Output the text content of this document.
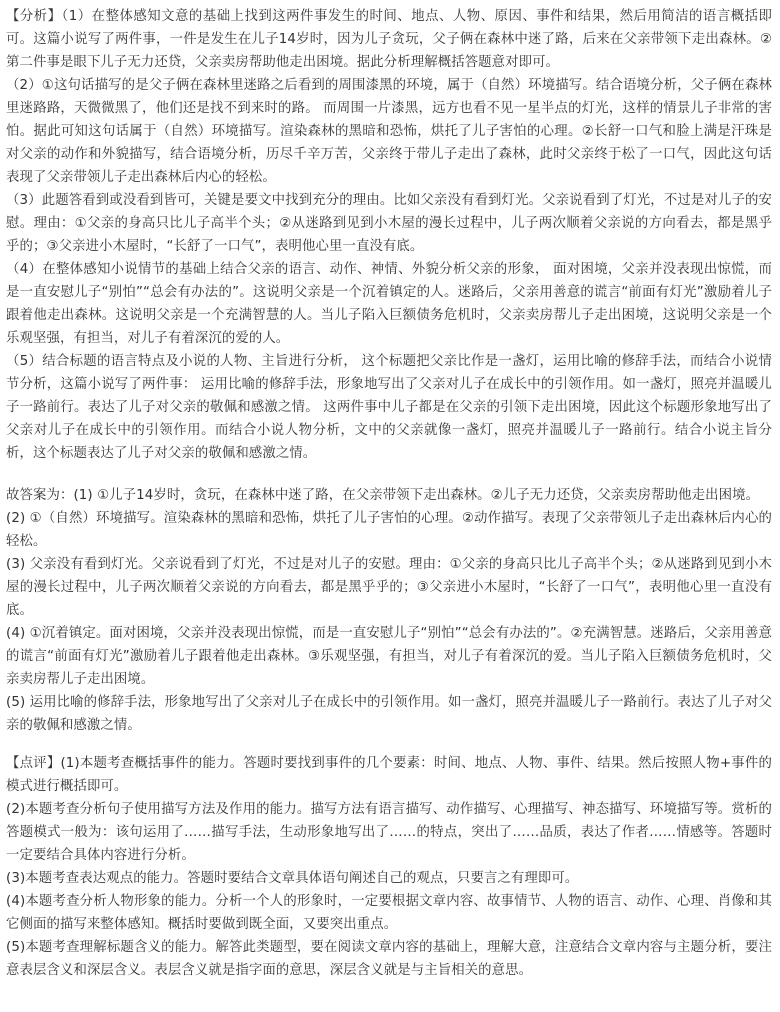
【分析】（1）在整体感知文意的基础上找到这两件事发生的时间、地点、人物、原因、事件和结果，然后用简洁的语言概括即可。这篇小说写了两件事，一件是发生在儿子14岁时，因为儿子贪玩，父子俩在森林中迷了路，后来在父亲带领下走出森林。②第二件事是眼下儿子无力还贷，父亲卖房帮助他走出困境。据此分析理解概括答题意对即可。

（2）①这句话描写的是父子俩在森林里迷路之后看到的周围漆黑的环境，属于（自然）环境描写。结合语境分析，父子俩在森林里迷路路，天微微黑了，他们还是找不到来时的路。 而周围一片漆黑，远方也看不见一星半点的灯光，这样的情景儿子非常的害怕。据此可知这句话属于（自然）环境描写。渲染森林的黑暗和恐怖，烘托了儿子害怕的心理。②长舒一口气和脸上满是汗珠是对父亲的动作和外貌描写，结合语境分析，历尽千辛万苦，父亲终于带儿子走出了森林，此时父亲终于松了一口气，因此这句话表现了父亲带领儿子走出森林后内心的轻松。

（3）此题答看到或没看到皆可，关键是要文中找到充分的理由。比如父亲没有看到灯光。父亲说看到了灯光，不过是对儿子的安慰。理由：①父亲的身高只比儿子高半个头；②从迷路到见到小木屋的漫长过程中，儿子两次顺着父亲说的方向看去，都是黑乎乎的；③父亲进小木屋时，“长舒了一口气”，表明他心里一直没有底。

（4）在整体感知小说情节的基础上结合父亲的语言、动作、神情、外貌分析父亲的形象， 面对困境，父亲并没表现出惊慌，而是一直安慰儿子“别怕”“总会有办法的”。这说明父亲是一个沉着镇定的人。迷路后，父亲用善意的谎言“前面有灯光”激励着儿子跟着他走出森林。这说明父亲是一个充满智慧的人。当儿子陷入巨额债务危机时，父亲卖房帮儿子走出困境，这说明父亲是一个乐观坚强，有担当，对儿子有着深沉的爱的人。

（5）结合标题的语言特点及小说的人物、主旨进行分析， 这个标题把父亲比作是一盏灯，运用比喻的修辞手法，而结合小说情节分析，这篇小说写了两件事： 运用比喻的修辞手法，形象地写出了父亲对儿子在成长中的引领作用。如一盏灯，照亮并温暖儿子一路前行。表达了儿子对父亲的敬佩和感激之情。 这两件事中儿子都是在父亲的引领下走出困境，因此这个标题形象地写出了父亲对儿子在成长中的引领作用。而结合小说人物分析，文中的父亲就像一盏灯，照亮并温暖儿子一路前行。结合小说主旨分析，这个标题表达了儿子对父亲的敬佩和感激之情。

故答案为：(1) ①儿子14岁时，贪玩，在森林中迷了路，在父亲带领下走出森林。②儿子无力还贷，父亲卖房帮助他走出困境。

(2) ①（自然）环境描写。渲染森林的黑暗和恐怖，烘托了儿子害怕的心理。②动作描写。表现了父亲带领儿子走出森林后内心的轻松。

(3) 父亲没有看到灯光。父亲说看到了灯光，不过是对儿子的安慰。理由：①父亲的身高只比儿子高半个头；②从迷路到见到小木屋的漫长过程中，儿子两次顺着父亲说的方向看去，都是黑乎乎的；③父亲进小木屋时，“长舒了一口气”，表明他心里一直没有底。

(4) ①沉着镇定。面对困境，父亲并没表现出惊慌，而是一直安慰儿子“别怕”“总会有办法的”。②充满智慧。迷路后，父亲用善意的谎言“前面有灯光”激励着儿子跟着他走出森林。③乐观坚强，有担当，对儿子有着深沉的爱。当儿子陷入巨额债务危机时，父亲卖房帮儿子走出困境。

(5) 运用比喻的修辞手法，形象地写出了父亲对儿子在成长中的引领作用。如一盏灯，照亮并温暖儿子一路前行。表达了儿子对父亲的敬佩和感激之情。

【点评】(1)本题考查概括事件的能力。答题时要找到事件的几个要素：时间、地点、人物、事件、结果。然后按照人物+事件的模式进行概括即可。

(2)本题考查分析句子使用描写方法及作用的能力。描写方法有语言描写、动作描写、心理描写、神态描写、环境描写等。赏析的答题模式一般为：该句运用了……描写手法，生动形象地写出了……的特点，突出了……品质，表达了作者……情感等。答题时一定要结合具体内容进行分析。

(3)本题考查表达观点的能力。答题时要结合文章具体语句阐述自己的观点，只要言之有理即可。

(4)本题考查分析人物形象的能力。分析一个人的形象时，一定要根据文章内容、故事情节、人物的语言、动作、心理、肖像和其它侧面的描写来整体感知。概括时要做到既全面，又要突出重点。

(5)本题考查理解标题含义的能力。解答此类题型，要在阅读文章内容的基础上，理解大意，注意结合文章内容与主题分析，要注意表层含义和深层含义。表层含义就是指字面的意思，深层含义就是与主旨相关的意思。
